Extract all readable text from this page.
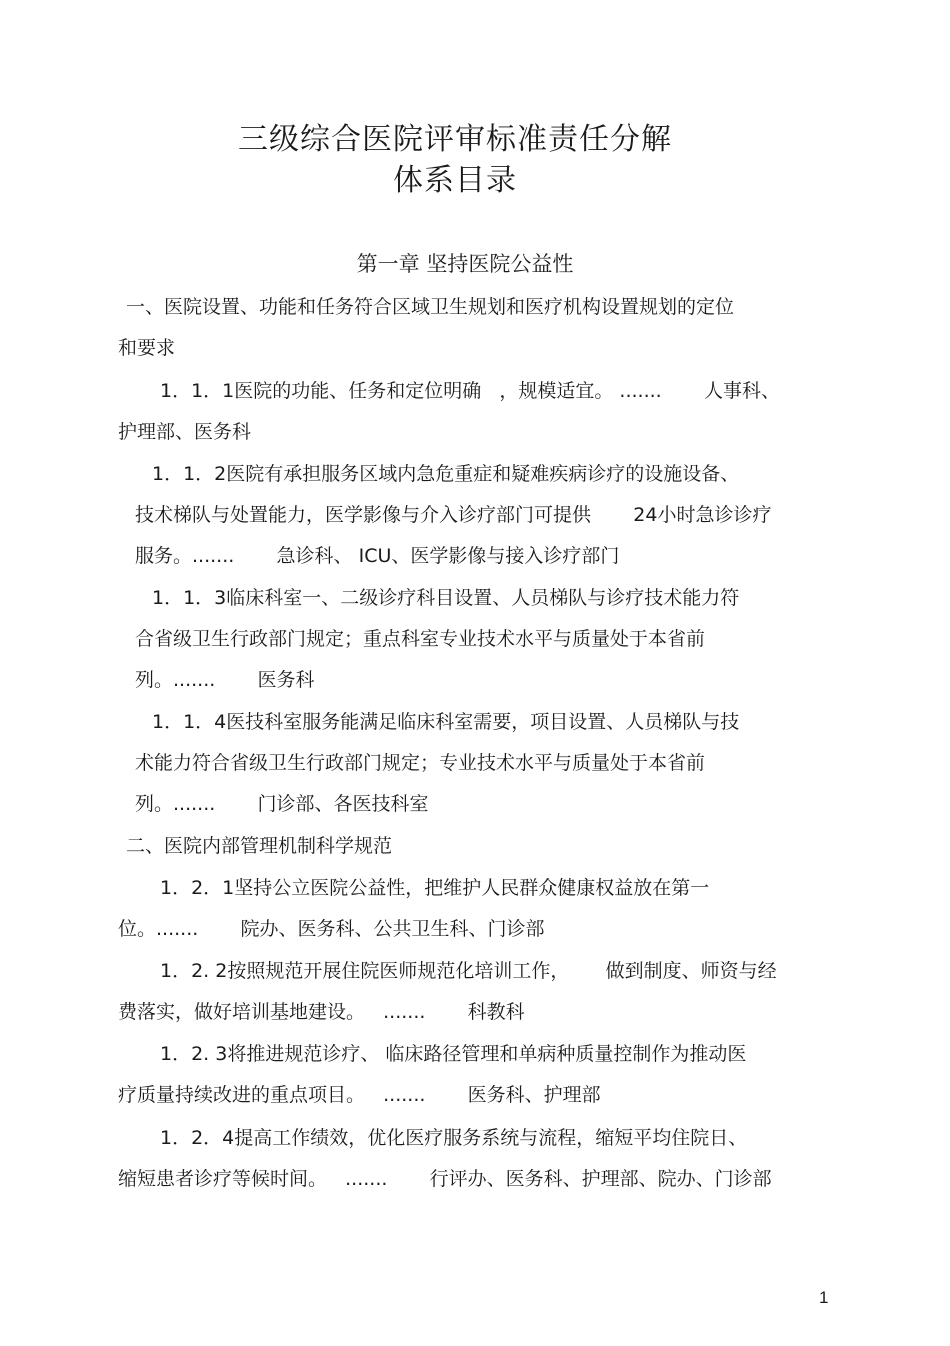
三级综合医院评审标准责任分解
体系目录
第一章 坚持医院公益性
一、医院设置、功能和任务符合区域卫生规划和医疗机构设置规划的定位
和要求
1．1．1医院的功能、任务和定位明确   ，规模适宜。 .......       人事科、
护理部、医务科
1．1．2医院有承担服务区域内急危重症和疑难疾病诊疗的设施设备、
技术梯队与处置能力，医学影像与介入诊疗部门可提供       24小时急诊诊疗
服务。.......       急诊科、 ICU、医学影像与接入诊疗部门
1．1．3临床科室一、二级诊疗科目设置、人员梯队与诊疗技术能力符
合省级卫生行政部门规定；重点科室专业技术水平与质量处于本省前
列。.......       医务科
1．1．4医技科室服务能满足临床科室需要，项目设置、人员梯队与技
术能力符合省级卫生行政部门规定；专业技术水平与质量处于本省前
列。.......       门诊部、各医技科室
二、医院内部管理机制科学规范
1．2．1坚持公立医院公益性，把维护人民群众健康权益放在第一
位。.......       院办、医务科、公共卫生科、门诊部
1．2. 2按照规范开展住院医师规范化培训工作，      做到制度、师资与经
费落实，做好培训基地建设。   .......       科教科
1．2. 3将推进规范诊疗、 临床路径管理和单病种质量控制作为推动医
疗质量持续改进的重点项目。   .......       医务科、护理部
1．2．4提高工作绩效，优化医疗服务系统与流程，缩短平均住院日、
缩短患者诊疗等候时间。   .......       行评办、医务科、护理部、院办、门诊部
1
